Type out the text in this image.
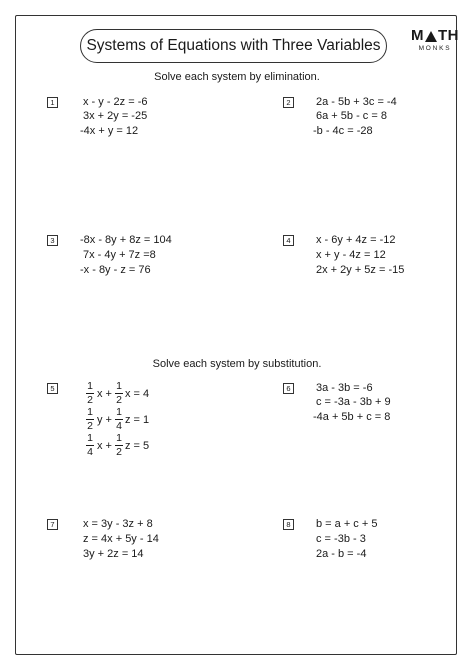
Systems of Equations with Three Variables
M TH
MONKS
Solve each system by elimination.
Solve each system by substitution.
1	x - y - 2z = -6
3x + 2y = -25
-4x + y = 12
2	2a - 5b + 3c = -4
6a + 5b - c = 8
-b - 4c = -28
3	-8x - 8y + 8z = 104
7x - 4y + 7z =8
-x - 8y - z = 76
4	x - 6y + 4z = -12
x + y - 4z = 12
2x + 2y + 5z = -15
5	$\frac{1}{2}$ $x + \frac{1}{2}$ x = 4
$\frac{1}{2}$ $y + \frac{1}{4}$ z = 1
$\frac{1}{4}$ $x + \frac{1}{2}$ z = 5
6	3a - 3b = -6
c = -3a - 3b + 9
-4a + 5b + c = 8
7	x = 3y - 3z + 8
z = 4x + 5y - 14
3y + 2z = 14
8	b = a + c + 5
c = -3b - 3
2a - b = -4
